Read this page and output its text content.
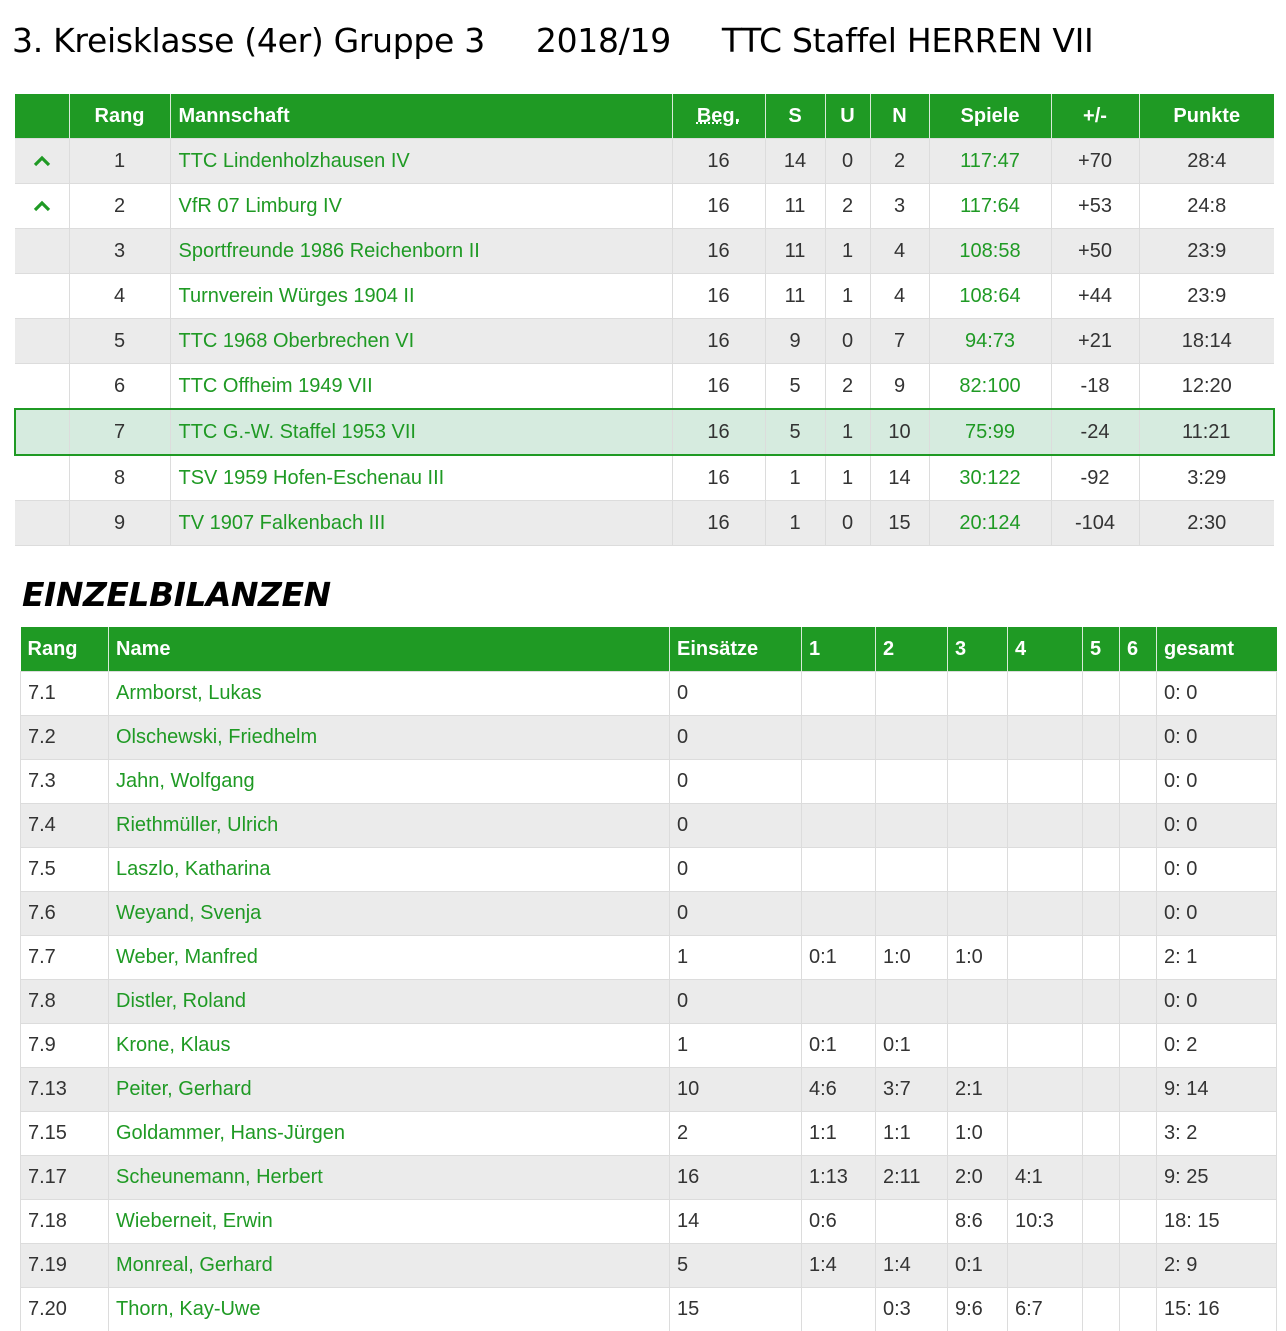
3. Kreisklasse (4er) Gruppe 3     2018/19     TTC Staffel HERREN VII
	Rang	Mannschaft	Beg.	S	U	N	Spiele	+/-	Punkte
	1	TTC Lindenholzhausen IV	16	14	0	2	117:47	+70	28:4
	2	VfR 07 Limburg IV	16	11	2	3	117:64	+53	24:8
	3	Sportfreunde 1986 Reichenborn II	16	11	1	4	108:58	+50	23:9
	4	Turnverein Würges 1904 II	16	11	1	4	108:64	+44	23:9
	5	TTC 1968 Oberbrechen VI	16	9	0	7	94:73	+21	18:14
	6	TTC Offheim 1949 VII	16	5	2	9	82:100	-18	12:20
	7	TTC G.-W. Staffel 1953 VII	16	5	1	10	75:99	-24	11:21
	8	TSV 1959 Hofen-Eschenau III	16	1	1	14	30:122	-92	3:29
	9	TV 1907 Falkenbach III	16	1	0	15	20:124	-104	2:30
EINZELBILANZEN
Rang	Name	Einsätze	1	2	3	4	5	6	gesamt
7.1	Armborst, Lukas	0							0: 0
7.2	Olschewski, Friedhelm	0							0: 0
7.3	Jahn, Wolfgang	0							0: 0
7.4	Riethmüller, Ulrich	0							0: 0
7.5	Laszlo, Katharina	0							0: 0
7.6	Weyand, Svenja	0							0: 0
7.7	Weber, Manfred	1	0:1	1:0	1:0				2: 1
7.8	Distler, Roland	0							0: 0
7.9	Krone, Klaus	1	0:1	0:1					0: 2
7.13	Peiter, Gerhard	10	4:6	3:7	2:1				9: 14
7.15	Goldammer, Hans-Jürgen	2	1:1	1:1	1:0				3: 2
7.17	Scheunemann, Herbert	16	1:13	2:11	2:0	4:1			9: 25
7.18	Wieberneit, Erwin	14	0:6		8:6	10:3			18: 15
7.19	Monreal, Gerhard	5	1:4	1:4	0:1				2: 9
7.20	Thorn, Kay-Uwe	15		0:3	9:6	6:7			15: 16
